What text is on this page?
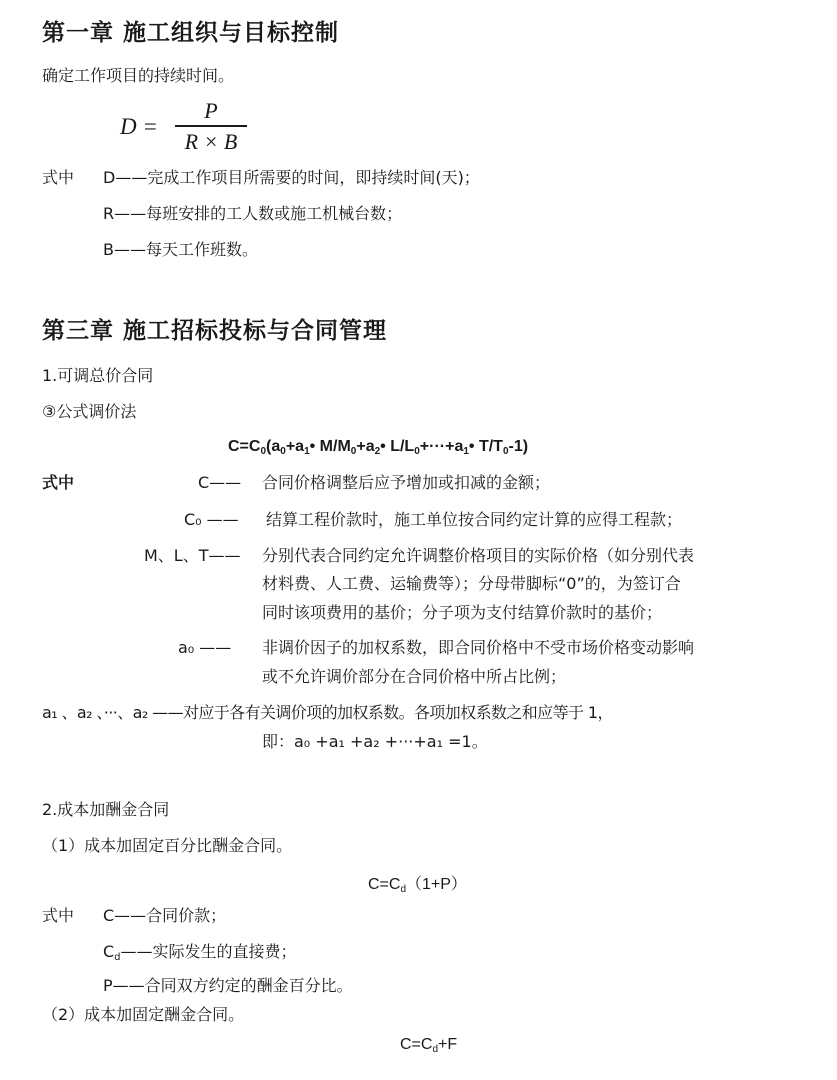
第一章 施工组织与目标控制
确定工作项目的持续时间。
D =
P
R × B
式中 D——完成工作项目所需要的时间，即持续时间(天)；
R——每班安排的工人数或施工机械台数；
B——每天工作班数。
第三章 施工招标投标与合同管理
1.可调总价合同
③公式调价法
$C=C_0(a_0+a_1•$ $M/M_0+a_2•$ $L/L_0+\cdot\cdot\cdot+a_1•$ $T/T_0-1$)
式中	C—— 合同价格调整后应予增加或扣减的金额；
C₀ —— 结算工程价款时，施工单位按合同约定计算的应得工程款；
M、L、T—— 分别代表合同约定允许调整价格项目的实际价格（如分别代表
材料费、人工费、运输费等）；分母带脚标“0”的，为签订合
同时该项费用的基价；分子项为支付结算价款时的基价；
a₀ —— 非调价因子的加权系数，即合同价格中不受市场价格变动影响
或不允许调价部分在合同价格中所占比例；
a₁ 、a₂ 、···、a₂ ——对应于各有关调价项的加权系数。各项加权系数之和应等于 1，
即：a₀ +a₁ +a₂ +···+a₁ =1。
2.成本加酬金合同
（1）成本加固定百分比酬金合同。
$C=C_d(1+P)$
式中 C——合同价款；
$C_d——$实际发生的直接费；
P——合同双方约定的酬金百分比。
（2）成本加固定酬金合同。
$C=C_d+F$
